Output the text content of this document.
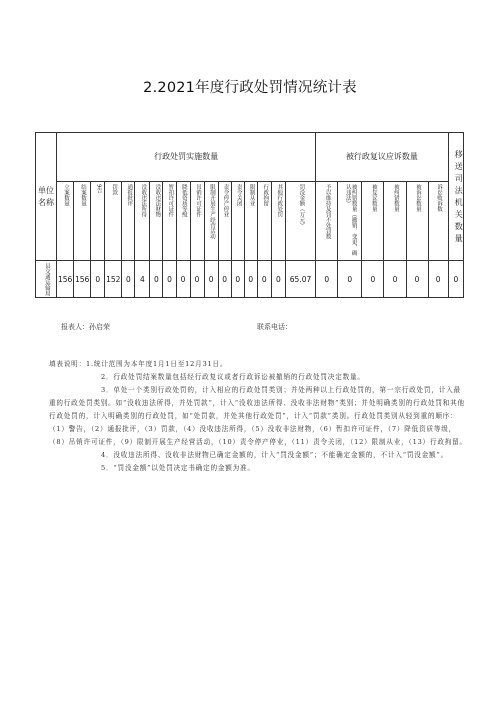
2.2021年度行政处罚情况统计表
单位名称	行政处罚实施数量																	被行政复议应诉数量						移送司法机关数量

	立案数量	结案数量	9告	罚款	通报批评	没收违法所得	没收违法财物	暂扣许可证件	降低资质等级	吊销许可证件	限制开展生产经营活动	责令停产停业	责令关闭	限制从业	行政拘留	其他行政处罚	罚没金额（万元）	予以维持及罚不处罚数	被纠错数量（撤销、变更、确认违法）	被复议数量	被纠错数量	被诉讼数量	诉讼败诉数	

县交通运输局	156	156	0	152	0	4	0	0	0	0	0	0	0	0	0	0	65.07	0	0	0	0	0	0	0
报表人：孙启荣	联系电话：

填表说明：1.统计范围为本年度1月1日至12月31日。

2．行政处罚结案数量包括经行政复议或者行政诉讼被撤销的行政处罚决定数量。

3．单处一个类别行政处罚的，计入相应的行政处罚类别；并处两种以上行政处罚的，第一宗行政处罚，计入最重的行政处罚类别。如“没收违法所得，并处罚款”，计入“没收违法所得、没收非法财物”类别；并处明确类别的行政处罚和其他行政处罚的，计入明确类别的行政处罚，如“处罚款，并处其他行政处罚”，计入“罚款”类别。行政处罚类别从轻到重的顺序：（1）警告，（2）通报批评，（3）罚款，（4）没收违法所得，（5）没收非法财物，（6）暂扣许可证件，（7）降低资质等级，（8）吊销许可证件，（9）限制开展生产经营活动，（10）责令停产停业，（11）责令关闭，（12）限制从业，（13）行政拘留。

4．没收违法所得、没收非法财物已确定金额的，计入“罚没金额”；不能确定金额的，不计入“罚没金额”。

5．“罚没金额”以处罚决定书确定的金额为准。
